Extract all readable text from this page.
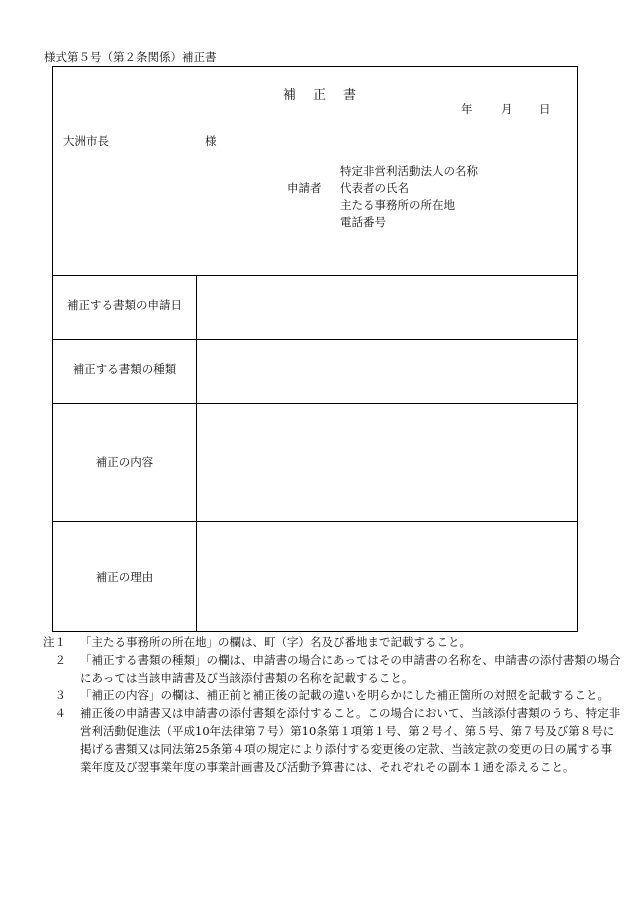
様式第５号（第２条関係）補正書
補　正　書
年 月 日
大洲市長	様
申請者
特定非営利活動法人の名称
代表者の氏名
主たる事務所の所在地
電話番号
補正する書類の申請日
補正する書類の種類
補正の内容
補正の理由
注１ 「主たる事務所の所在地」の欄は、町（字）名及び番地まで記載すること。
２ 「補正する書類の種類」の欄は、申請書の場合にあってはその申請書の名称を、申請書の添付書類の場合にあっては当該申請書及び当該添付書類の名称を記載すること。
３ 「補正の内容」の欄は、補正前と補正後の記載の違いを明らかにした補正箇所の対照を記載すること。
４ 補正後の申請書又は申請書の添付書類を添付すること。この場合において、当該添付書類のうち、特定非営利活動促進法（平成10年法律第７号）第10条第１項第１号、第２号イ、第５号、第７号及び第８号に掲げる書類又は同法第25条第４項の規定により添付する変更後の定款、当該定款の変更の日の属する事業年度及び翌事業年度の事業計画書及び活動予算書には、それぞれその副本１通を添えること。
